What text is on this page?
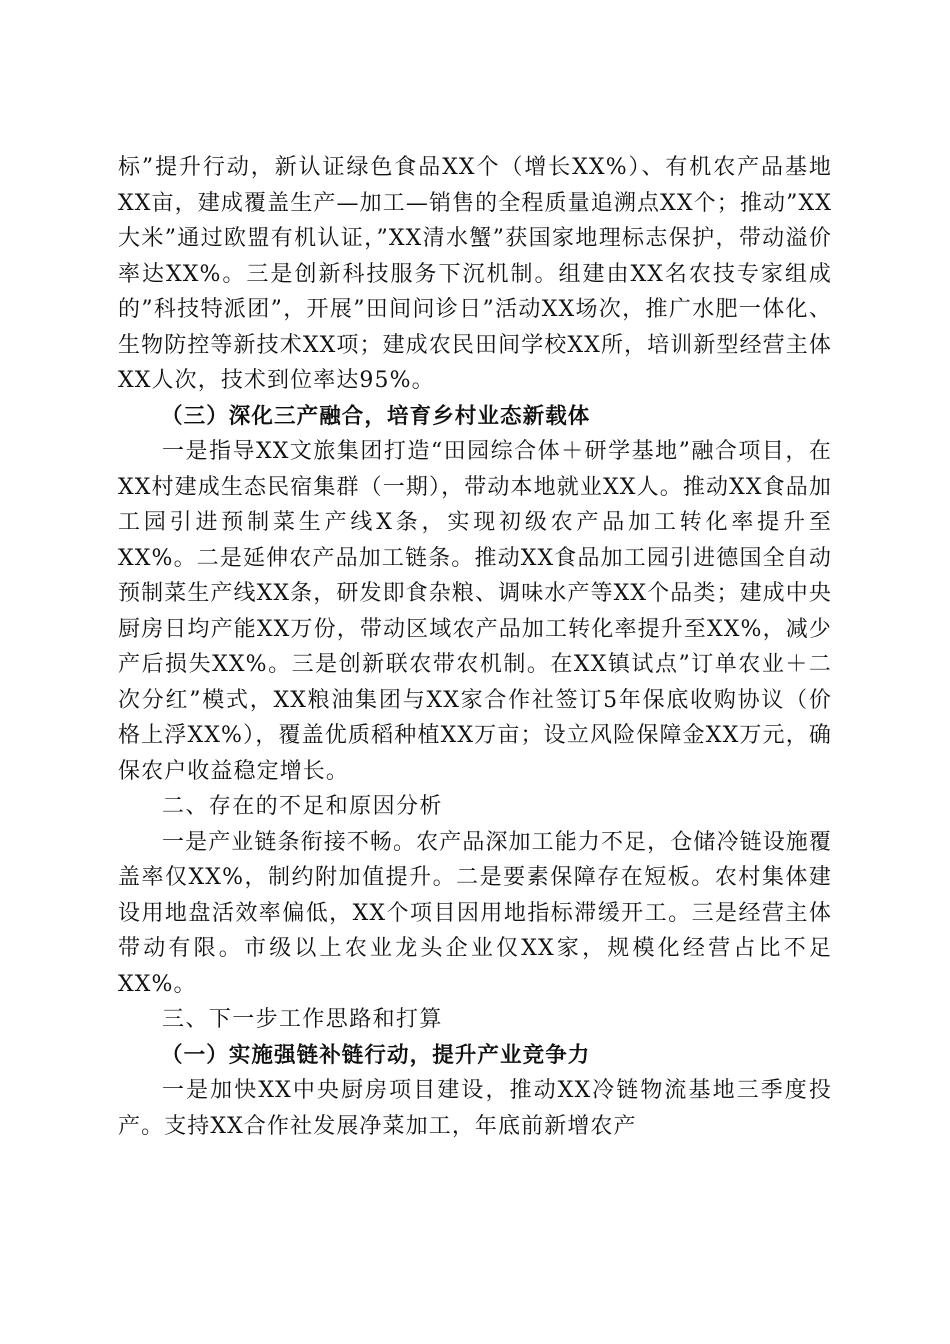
标”提升行动，新认证绿色食品XX个（增长XX%）、有机农产品基地XX亩，建成覆盖生产—加工—销售的全程质量追溯点XX个；推动”XX大米”通过欧盟有机认证，”XX清水蟹”获国家地理标志保护，带动溢价率达XX%。三是创新科技服务下沉机制。组建由XX名农技专家组成的”科技特派团”，开展”田间问诊日”活动XX场次，推广水肥一体化、生物防控等新技术XX项；建成农民田间学校XX所，培训新型经营主体XX人次，技术到位率达95%。

（三）深化三产融合，培育乡村业态新载体

一是指导XX文旅集团打造“田园综合体＋研学基地”融合项目，在XX村建成生态民宿集群（一期），带动本地就业XX人。推动XX食品加工园引进预制菜生产线X条，实现初级农产品加工转化率提升至XX%。二是延伸农产品加工链条。推动XX食品加工园引进德国全自动预制菜生产线XX条，研发即食杂粮、调味水产等XX个品类；建成中央厨房日均产能XX万份，带动区域农产品加工转化率提升至XX%，减少产后损失XX%。三是创新联农带农机制。在XX镇试点”订单农业＋二次分红”模式，XX粮油集团与XX家合作社签订5年保底收购协议（价格上浮XX%），覆盖优质稻种植XX万亩；设立风险保障金XX万元，确保农户收益稳定增长。

二、存在的不足和原因分析

一是产业链条衔接不畅。农产品深加工能力不足，仓储冷链设施覆盖率仅XX%，制约附加值提升。二是要素保障存在短板。农村集体建设用地盘活效率偏低，XX个项目因用地指标滞缓开工。三是经营主体带动有限。市级以上农业龙头企业仅XX家，规模化经营占比不足XX%。

三、下一步工作思路和打算

（一）实施强链补链行动，提升产业竞争力

一是加快XX中央厨房项目建设，推动XX冷链物流基地三季度投产。支持XX合作社发展净菜加工，年底前新增农产
